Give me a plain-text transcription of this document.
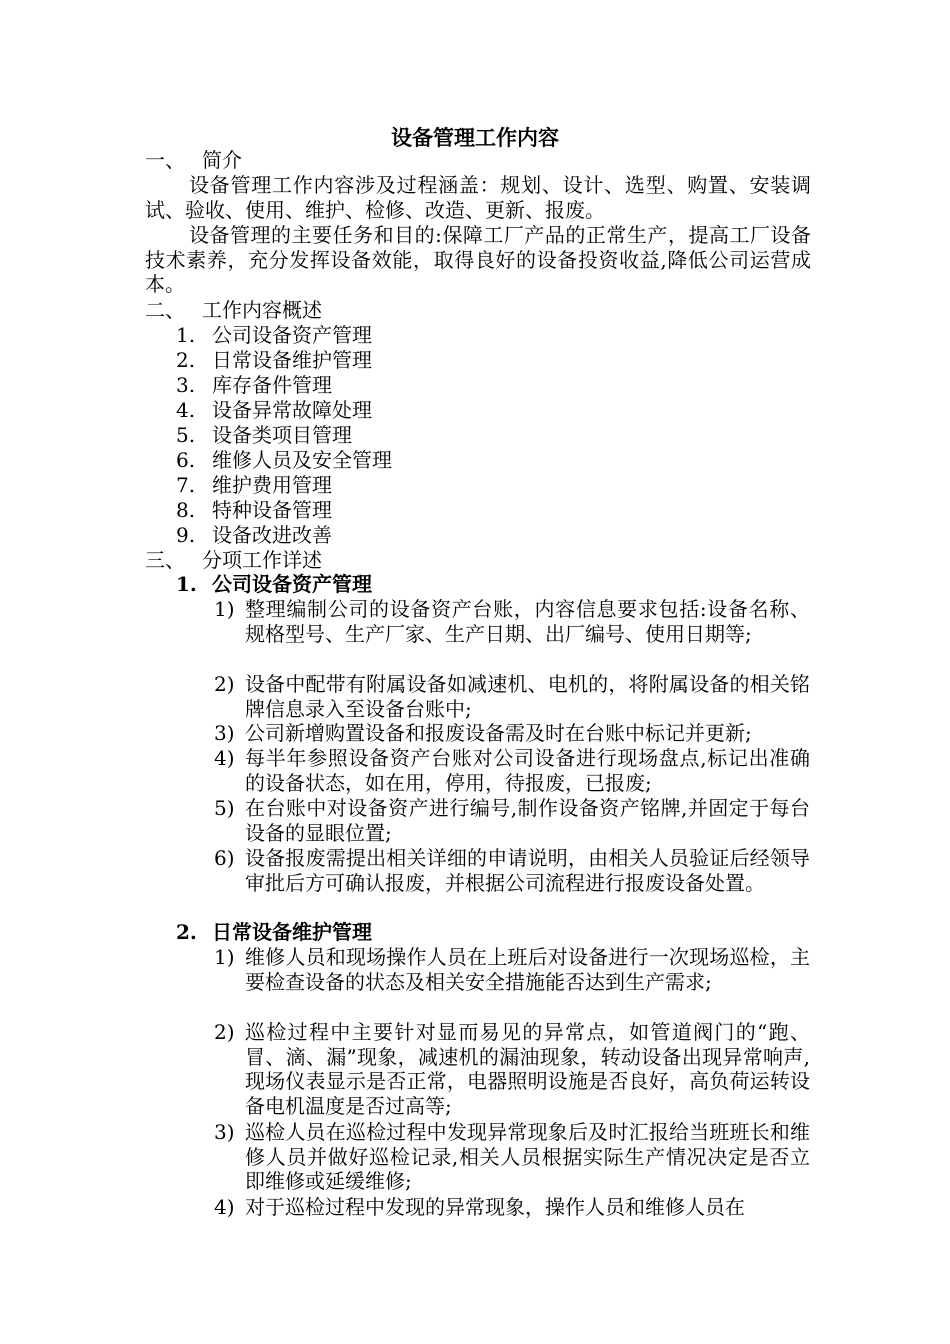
设备管理工作内容
一、 简介
设备管理工作内容涉及过程涵盖：规划、设计、选型、购置、安装调试、验收、使用、维护、检修、改造、更新、报废。
设备管理的主要任务和目的:保障工厂产品的正常生产，提高工厂设备技术素养，充分发挥设备效能，取得良好的设备投资收益,降低公司运营成本。
二、 工作内容概述
1. 公司设备资产管理
2. 日常设备维护管理
3. 库存备件管理
4. 设备异常故障处理
5. 设备类项目管理
6. 维修人员及安全管理
7. 维护费用管理
8. 特种设备管理
9. 设备改进改善
三、 分项工作详述
1. 公司设备资产管理
1) 整理编制公司的设备资产台账，内容信息要求包括:设备名称、规格型号、生产厂家、生产日期、出厂编号、使用日期等;
2) 设备中配带有附属设备如减速机、电机的，将附属设备的相关铭牌信息录入至设备台账中;
3) 公司新增购置设备和报废设备需及时在台账中标记并更新;
4) 每半年参照设备资产台账对公司设备进行现场盘点,标记出准确的设备状态，如在用，停用，待报废，已报废;
5) 在台账中对设备资产进行编号,制作设备资产铭牌,并固定于每台设备的显眼位置;
6) 设备报废需提出相关详细的申请说明，由相关人员验证后经领导审批后方可确认报废，并根据公司流程进行报废设备处置。
2. 日常设备维护管理
1) 维修人员和现场操作人员在上班后对设备进行一次现场巡检，主要检查设备的状态及相关安全措施能否达到生产需求;
2) 巡检过程中主要针对显而易见的异常点，如管道阀门的“跑、冒、滴、漏”现象，减速机的漏油现象，转动设备出现异常响声,现场仪表显示是否正常，电器照明设施是否良好，高负荷运转设备电机温度是否过高等;
3) 巡检人员在巡检过程中发现异常现象后及时汇报给当班班长和维修人员并做好巡检记录,相关人员根据实际生产情况决定是否立即维修或延缓维修;
4) 对于巡检过程中发现的异常现象，操作人员和维修人员在
